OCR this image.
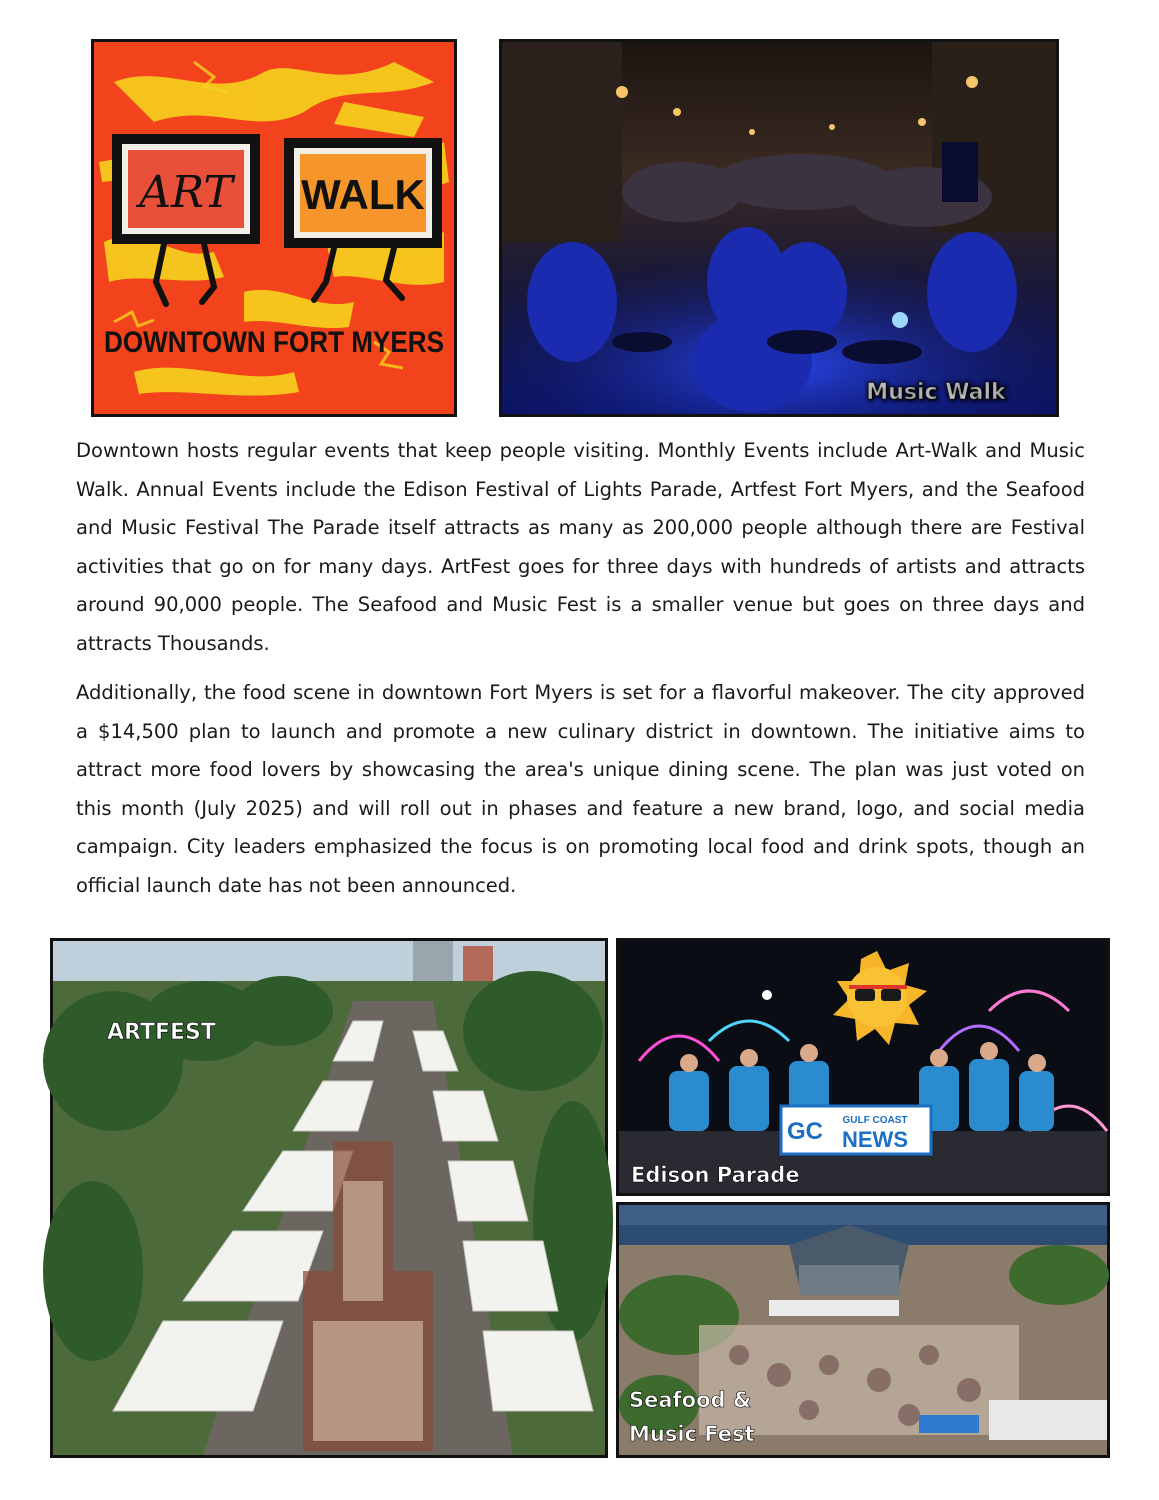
ART WALK
DOWNTOWN FORT MYERS
Music Walk

Downtown hosts regular events that keep people visiting. Monthly Events include Art-Walk and Music Walk. Annual Events include the Edison Festival of Lights Parade, Artfest Fort Myers, and the Seafood and Music Festival The Parade itself attracts as many as 200,000 people although there are Festival activities that go on for many days. ArtFest goes for three days with hundreds of artists and attracts around 90,000 people. The Seafood and Music Fest is a smaller venue but goes on three days and attracts Thousands.

Additionally, the food scene in downtown Fort Myers is set for a flavorful makeover. The city approved a $14,500 plan to launch and promote a new culinary district in downtown. The initiative aims to attract more food lovers by showcasing the area's unique dining scene. The plan was just voted on this month (July 2025) and will roll out in phases and feature a new brand, logo, and social media campaign. City leaders emphasized the focus is on promoting local food and drink spots, though an official launch date has not been announced.

ARTFEST
GC GULF COAST
NEWS
Edison Parade
Seafood &
Music Fest
